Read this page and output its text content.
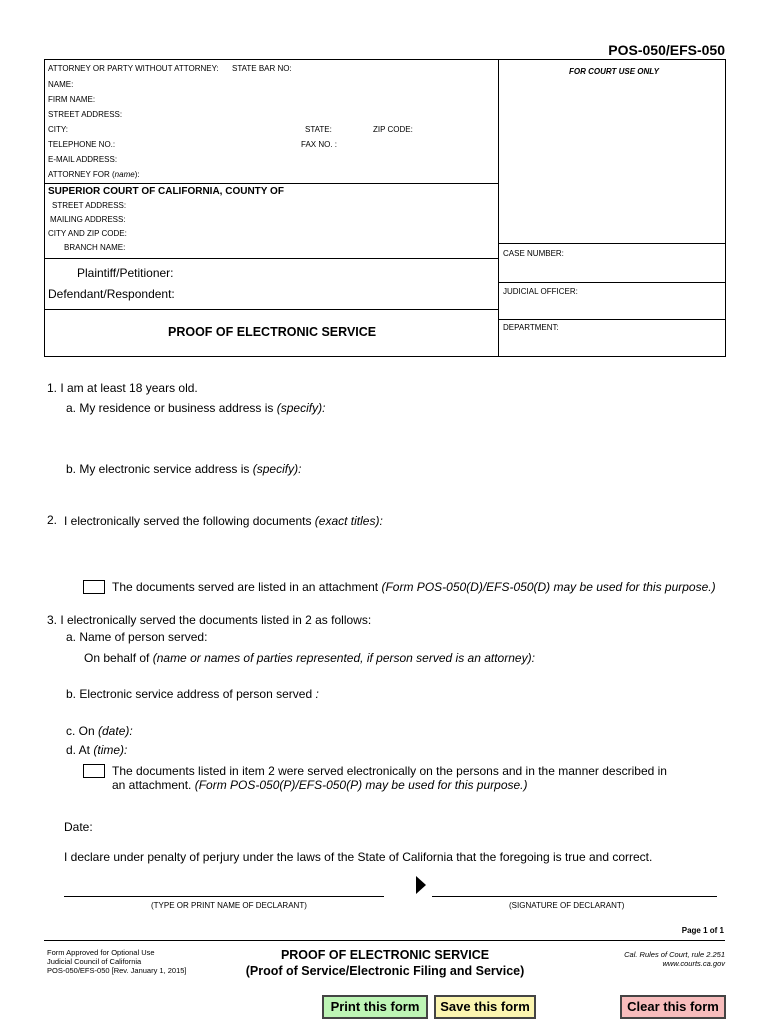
POS-050/EFS-050
ATTORNEY OR PARTY WITHOUT ATTORNEY: STATE BAR NO:	FOR COURT USE ONLY
NAME:
FIRM NAME:
STREET ADDRESS:
CITY:	STATE:	ZIP CODE:
TELEPHONE NO.:	FAX NO. :
E-MAIL ADDRESS:
ATTORNEY FOR (name):
SUPERIOR COURT OF CALIFORNIA, COUNTY OF
STREET ADDRESS:
MAILING ADDRESS:
CITY AND ZIP CODE:
BRANCH NAME:
Plaintiff/Petitioner:
Defendant/Respondent:
CASE NUMBER:
JUDICIAL OFFICER:
DEPARTMENT:
PROOF OF ELECTRONIC SERVICE
1. I am at least 18 years old.
a. My residence or business address is (specify):
b. My electronic service address is (specify):
2. I electronically served the following documents (exact titles):
The documents served are listed in an attachment (Form POS-050(D)/EFS-050(D) may be used for this purpose.)
3. I electronically served the documents listed in 2 as follows:
a. Name of person served:
On behalf of (name or names of parties represented, if person served is an attorney):
b. Electronic service address of person served :
c. On (date):
d. At (time):
The documents listed in item 2 were served electronically on the persons and in the manner described in
an attachment. (Form POS-050(P)/EFS-050(P) may be used for this purpose.)
Date:
I declare under penalty of perjury under the laws of the State of California that the foregoing is true and correct.
(TYPE OR PRINT NAME OF DECLARANT)	(SIGNATURE OF DECLARANT)
Page 1 of 1
Form Approved for Optional Use
Judicial Council of California
POS-050/EFS-050 [Rev. January 1, 2015]
PROOF OF ELECTRONIC SERVICE
(Proof of Service/Electronic Filing and Service)
Cal. Rules of Court, rule 2.251
www.courts.ca.gov
Print this form	Save this form	Clear this form
